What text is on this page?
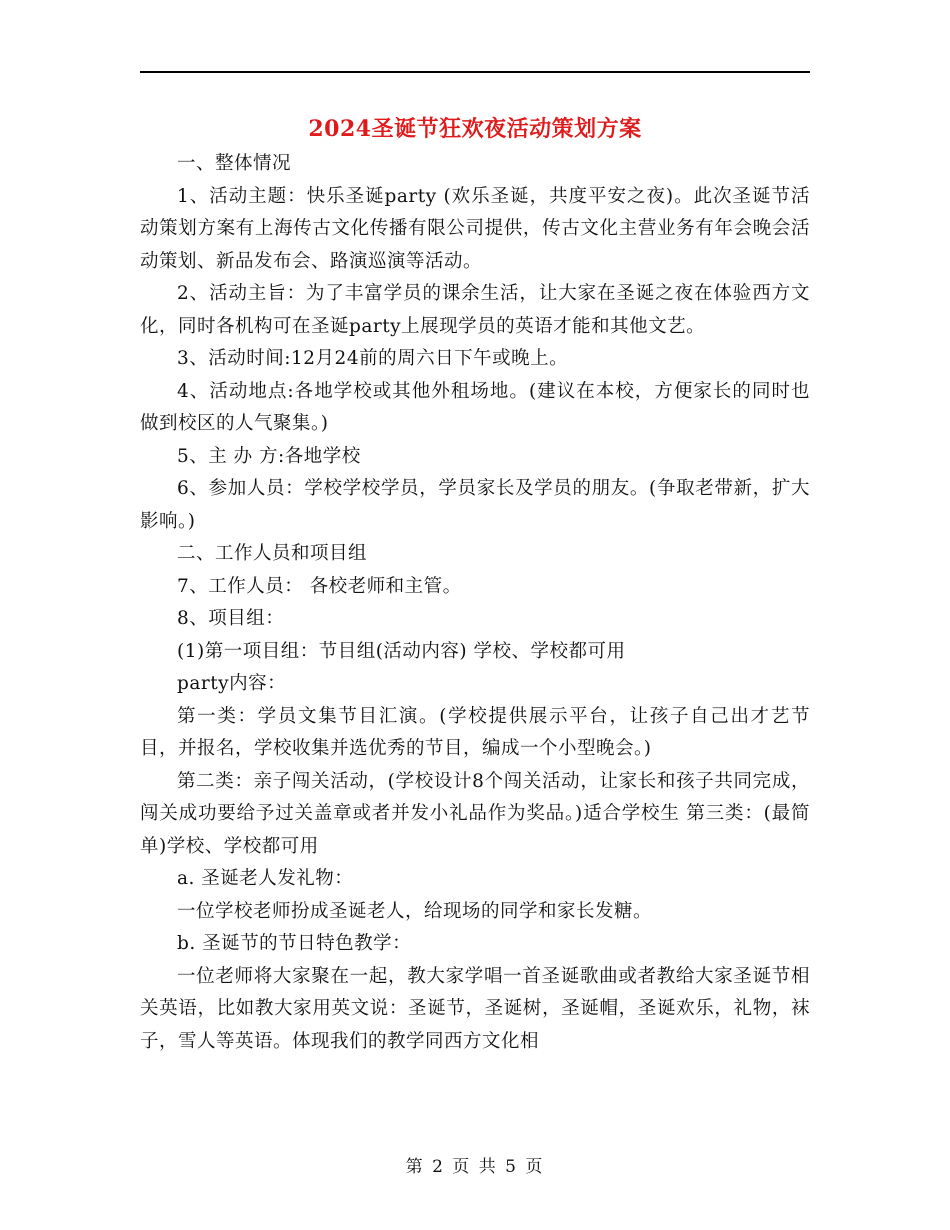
2024圣诞节狂欢夜活动策划方案

一、整体情况

1、活动主题：快乐圣诞party (欢乐圣诞，共度平安之夜)。此次圣诞节活动策划方案有上海传古文化传播有限公司提供，传古文化主营业务有年会晚会活动策划、新品发布会、路演巡演等活动。

2、活动主旨：为了丰富学员的课余生活，让大家在圣诞之夜在体验西方文化，同时各机构可在圣诞party上展现学员的英语才能和其他文艺。

3、活动时间:12月24前的周六日下午或晚上。

4、活动地点:各地学校或其他外租场地。(建议在本校，方便家长的同时也做到校区的人气聚集。)

5、主 办 方:各地学校

6、参加人员：学校学校学员，学员家长及学员的朋友。(争取老带新，扩大影响。)

二、工作人员和项目组

7、工作人员： 各校老师和主管。

8、项目组：

(1)第一项目组：节目组(活动内容) 学校、学校都可用

party内容：

第一类：学员文集节目汇演。(学校提供展示平台，让孩子自己出才艺节目，并报名，学校收集并选优秀的节目，编成一个小型晚会。)

第二类：亲子闯关活动，(学校设计8个闯关活动，让家长和孩子共同完成，闯关成功要给予过关盖章或者并发小礼品作为奖品。)适合学校生 第三类：(最简单)学校、学校都可用

a. 圣诞老人发礼物：

一位学校老师扮成圣诞老人，给现场的同学和家长发糖。

b. 圣诞节的节日特色教学：

一位老师将大家聚在一起，教大家学唱一首圣诞歌曲或者教给大家圣诞节相关英语，比如教大家用英文说：圣诞节，圣诞树，圣诞帽，圣诞欢乐，礼物，袜子，雪人等英语。体现我们的教学同西方文化相

第 2 页 共 5 页
